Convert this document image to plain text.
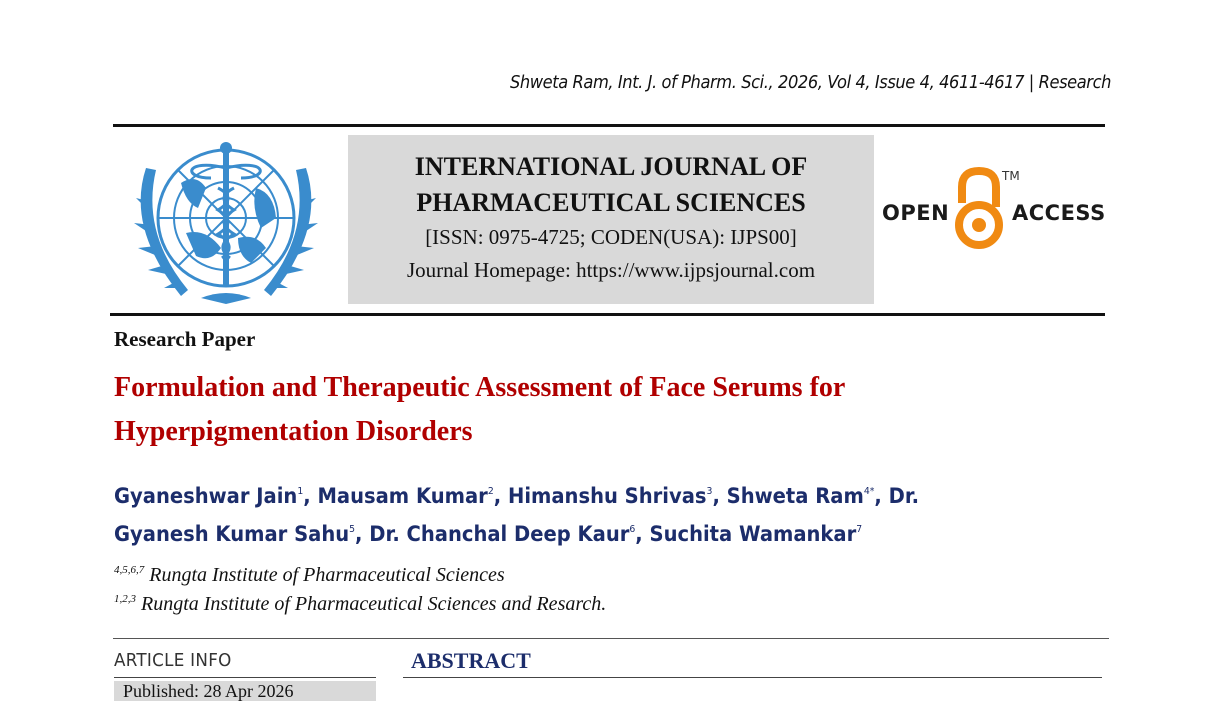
Shweta Ram, Int. J. of Pharm. Sci., 2026, Vol 4, Issue 4, 4611-4617 | Research
INTERNATIONAL JOURNAL OF
PHARMACEUTICAL SCIENCES
[ISSN: 0975-4725; CODEN(USA): IJPS00]
Journal Homepage: https://www.ijpsjournal.com
OPEN
TM
ACCESS
Research Paper
Formulation and Therapeutic Assessment of Face Serums for
Hyperpigmentation Disorders
Gyaneshwar Jain$^1$, Mausam Kumar$^2$, Himanshu Shrivas$^3$, Shweta Ram$^{4*}$, Dr.
Gyanesh Kumar Sahu$^5$, Dr. Chanchal Deep Kaur$^6$, Suchita Wamankar$^7$
$^{4,5,6,7}$ Rungta Institute of Pharmaceutical Sciences
$^{1,2,3}$ Rungta Institute of Pharmaceutical Sciences and Resarch.
ARTICLE INFO	ABSTRACT
Published: 28 Apr 2026
